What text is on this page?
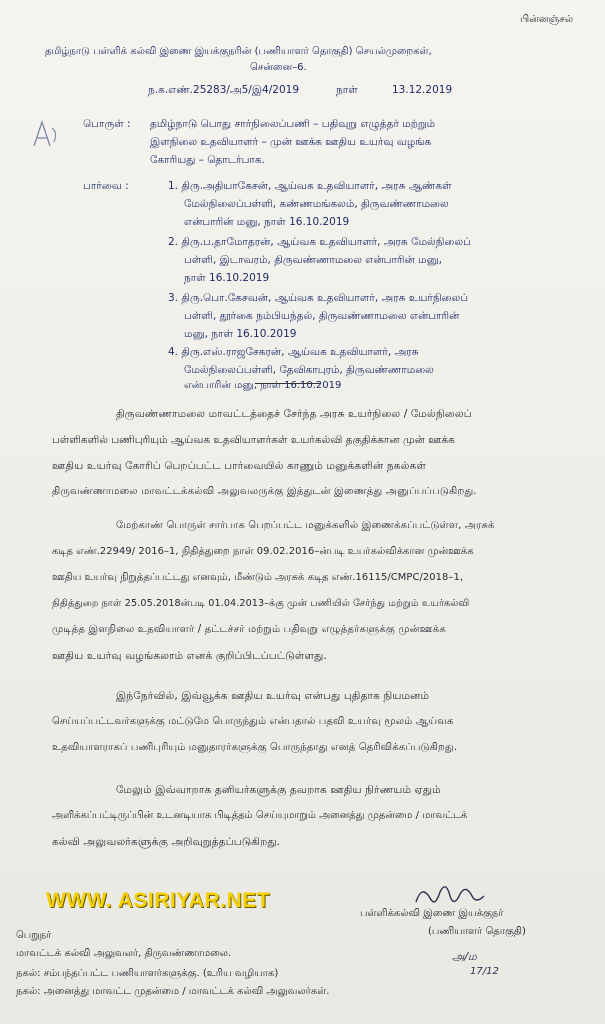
பின்னஞ்சல்
தமிழ்நாடு பள்ளிக் கல்வி இணை இயக்குநரின் (பணியாளர் தொகுதி) செயல்முறைகள்,
சென்னை–6.
ந.க.எண்.25283/அ5/இ4/2019	நாள்	13.12.2019
பொருள் : தமிழ்நாடு பொது சார்நிலைப்பணி – பதிவுறு எழுத்தர் மற்றும்
இளநிலை உதவியாளர் – முன் ஊக்க ஊதிய உயர்வு வழங்க
கோரியது – தொடர்பாக.
பார்வை :	1. திரு.அதியாகேசன், ஆய்வக உதவியாளர், அரசு ஆண்கள்
மேல்நிலைப்பள்ளி, கண்ணமங்கலம், திருவண்ணாமலை
என்பாரின் மனு, நாள் 16.10.2019
2. திரு.ப.தாமோதரன், ஆய்வக உதவியாளர், அரசு மேல்நிலைப்
பள்ளி, இடாவரம், திருவண்ணாமலை என்பாரின் மனு,
நாள் 16.10.2019
3. திரு.பொ.கேசவன், ஆய்வக உதவியாளர், அரசு உயர்நிலைப்
பள்ளி, தூர்கை நம்பியந்தல், திருவண்ணாமலை என்பாரின்
மனு, நாள் 16.10.2019
4. திரு.எஸ்.ராஜசேகரன், ஆய்வக உதவியாளர், அரசு
மேல்நிலைப்பள்ளி, தேவிகாபுரம், திருவண்ணாமலை
என்பாரின் மனு, நாள் 16.10.2019
திருவண்ணாமலை மாவட்டத்தைச் சேர்ந்த அரசு உயர்நிலை / மேல்நிலைப்
பள்ளிகளில் பணிபுரியும் ஆய்வக உதவியாளர்கள் உயர்கல்வி தகுதிக்கான முன் ஊக்க
ஊதிய உயர்வு கோரிப் பெறப்பட்ட பார்வையில் காணும் மனுக்களின் நகல்கள்
திருவண்ணாமலை மாவட்டக்கல்வி அலுவலருக்கு இத்துடன் இணைத்து அனுப்பப்படுகிறது.
மேற்காண் பொருள் சார்பாக பெறப்பட்ட மனுக்களில் இணைக்கப்பட்டுள்ள, அரசுக்
கடித எண்.22949/ 2016–1, நிதித்துறை நாள் 09.02.2016–ன்படி உயர்கல்விக்கான முன்ஊக்க
ஊதிய உயர்வு நிறுத்தப்பட்டது எனவும், மீண்டும் அரசுக் கடித எண்.16115/CMPC/2018–1,
நிதித்துறை நாள் 25.05.2018ன்படி 01.04.2013–க்கு முன் பணியில் சேர்ந்து மற்றும் உயர்கல்வி
முடித்த இளநிலை உதவியாளர் / தட்டச்சர் மற்றும் பதிவுறு எழுத்தர்களுக்கு முன்ஊக்க
ஊதிய உயர்வு வழங்கலாம் எனக் குறிப்பிடப்பட்டுள்ளது.
இந்நேர்வில், இவ்வூக்க ஊதிய உயர்வு என்பது புதிதாக நியமனம்
செய்யப்பட்டவர்களுக்கு மட்டுமே பொருந்தும் என்பதால் பதவி உயர்வு மூலம் ஆய்வக
உதவியாளராகப் பணிபுரியும் மனுதாரர்களுக்கு பொருந்தாது எனத் தெரிவிக்கப்படுகிறது.
மேலும் இவ்வாறாக தனியர்களுக்கு தவறாக ஊதிய நிர்ணயம் ஏதும்
அளிக்கப்பட்டிருப்பின் உடனடியாக பிடித்தம் செய்யுமாறும் அனைத்து முதன்மை / மாவட்டக்
கல்வி அலுவலர்களுக்கு அறிவுறுத்தப்படுகிறது.
WWW. ASIRIYAR.NET
பள்ளிக்கல்வி இணை இயக்குநர்
(பணியாளர் தொகுதி)
அ/ம
17/12
பெறுநர்
மாவட்டக் கல்வி அலுவலர், திருவண்ணாமலை.
நகல்: சம்பந்தப்பட்ட பணியாளர்களுக்கு. (உரிய வழியாக)
நகல்: அனைத்து மாவட்ட முதன்மை / மாவட்டக் கல்வி அலுவலர்கள்.
